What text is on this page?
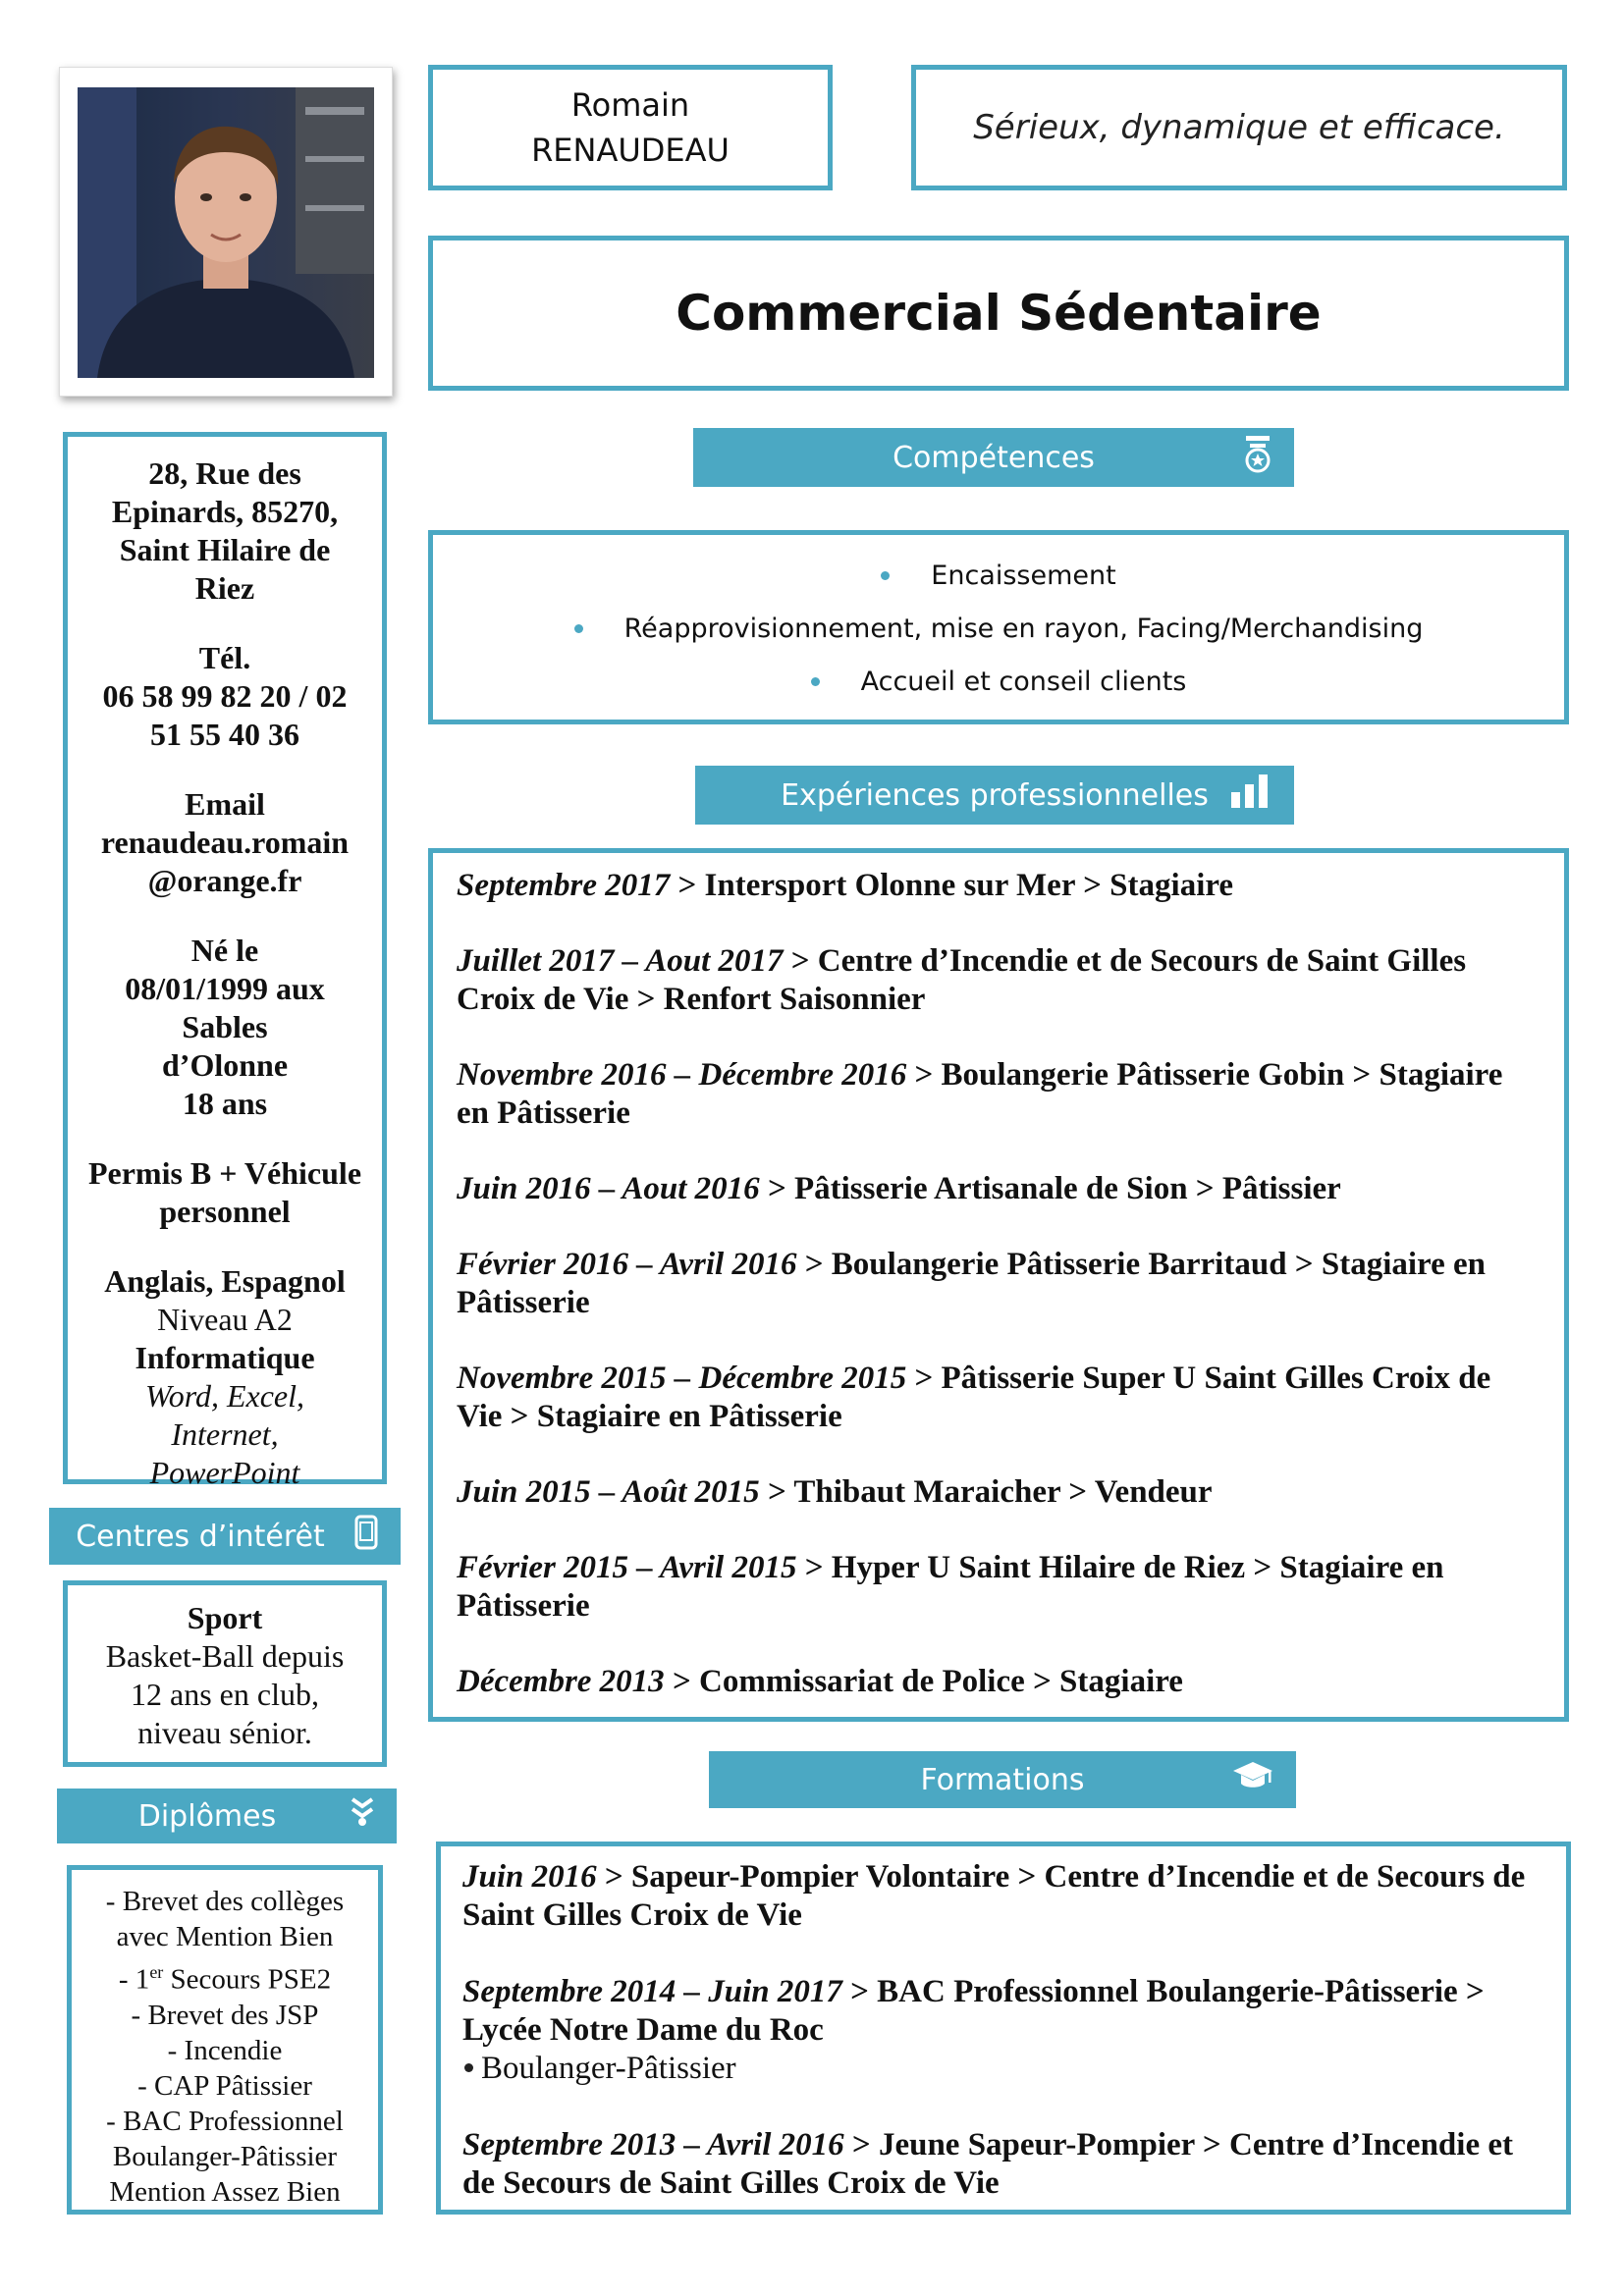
Romain
RENAUDEAU
Sérieux, dynamique et efficace.
Commercial Sédentaire
Compétences
Encaissement
Réapprovisionnement, mise en rayon, Facing/Merchandising
Accueil et conseil clients
Expériences professionnelles
Septembre 2017 > Intersport Olonne sur Mer > Stagiaire
Juillet 2017 – Aout 2017 > Centre d’Incendie et de Secours de Saint Gilles Croix de Vie > Renfort Saisonnier
Novembre 2016 – Décembre 2016 > Boulangerie Pâtisserie Gobin > Stagiaire en Pâtisserie
Juin 2016 – Aout 2016 > Pâtisserie Artisanale de Sion > Pâtissier
Février 2016 – Avril 2016 > Boulangerie Pâtisserie Barritaud > Stagiaire en Pâtisserie
Novembre 2015 – Décembre 2015 > Pâtisserie Super U Saint Gilles Croix de Vie > Stagiaire en Pâtisserie
Juin 2015 – Août 2015 > Thibaut Maraicher > Vendeur
Février 2015 – Avril 2015 > Hyper U Saint Hilaire de Riez > Stagiaire en Pâtisserie
Décembre 2013 > Commissariat de Police > Stagiaire
Formations
Juin 2016 > Sapeur-Pompier Volontaire > Centre d’Incendie et de Secours de Saint Gilles Croix de Vie
Septembre 2014 – Juin 2017 > BAC Professionnel Boulangerie-Pâtisserie > Lycée Notre Dame du Roc
Boulanger-Pâtissier
Septembre 2013 – Avril 2016 > Jeune Sapeur-Pompier > Centre d’Incendie et de Secours de Saint Gilles Croix de Vie
28, Rue des Epinards, 85270, Saint Hilaire de Riez
Tél.
06 58 99 82 20 / 02 51 55 40 36
Email
renaudeau.romain @orange.fr
Né le 08/01/1999 aux Sables d’Olonne
18 ans
Permis B + Véhicule personnel
Anglais, Espagnol
Niveau A2
Informatique
Word, Excel, Internet, PowerPoint
Centres d’intérêt
Sport
Basket-Ball depuis 12 ans en club, niveau sénior.
Diplômes
- Brevet des collèges avec Mention Bien
- 1er Secours PSE2
- Brevet des JSP
- Incendie
- CAP Pâtissier
- BAC Professionnel Boulanger-Pâtissier Mention Assez Bien
